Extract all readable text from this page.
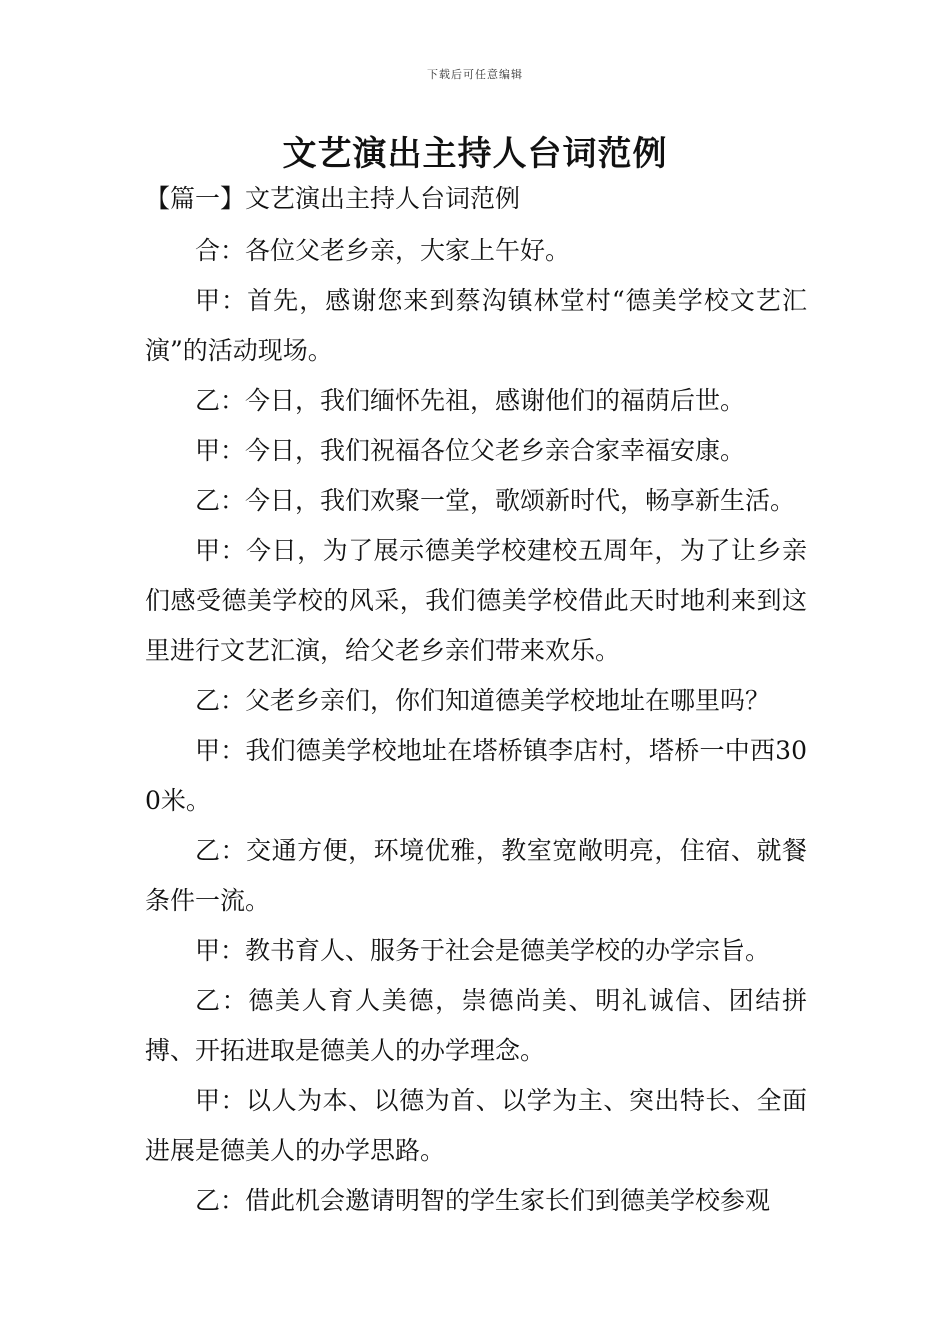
下载后可任意编辑
文艺演出主持人台词范例
【篇一】文艺演出主持人台词范例

合：各位父老乡亲，大家上午好。

甲：首先，感谢您来到蔡沟镇林堂村“德美学校文艺汇演”的活动现场。

乙：今日，我们缅怀先祖，感谢他们的福荫后世。

甲：今日，我们祝福各位父老乡亲合家幸福安康。

乙：今日，我们欢聚一堂，歌颂新时代，畅享新生活。

甲：今日，为了展示德美学校建校五周年，为了让乡亲们感受德美学校的风采，我们德美学校借此天时地利来到这里进行文艺汇演，给父老乡亲们带来欢乐。

乙：父老乡亲们，你们知道德美学校地址在哪里吗？

甲：我们德美学校地址在塔桥镇李店村，塔桥一中西300米。

乙：交通方便，环境优雅，教室宽敞明亮，住宿、就餐条件一流。

甲：教书育人、服务于社会是德美学校的办学宗旨。

乙：德美人育人美德，崇德尚美、明礼诚信、团结拼搏、开拓进取是德美人的办学理念。

甲：以人为本、以德为首、以学为主、突出特长、全面进展是德美人的办学思路。

乙：借此机会邀请明智的学生家长们到德美学校参观
